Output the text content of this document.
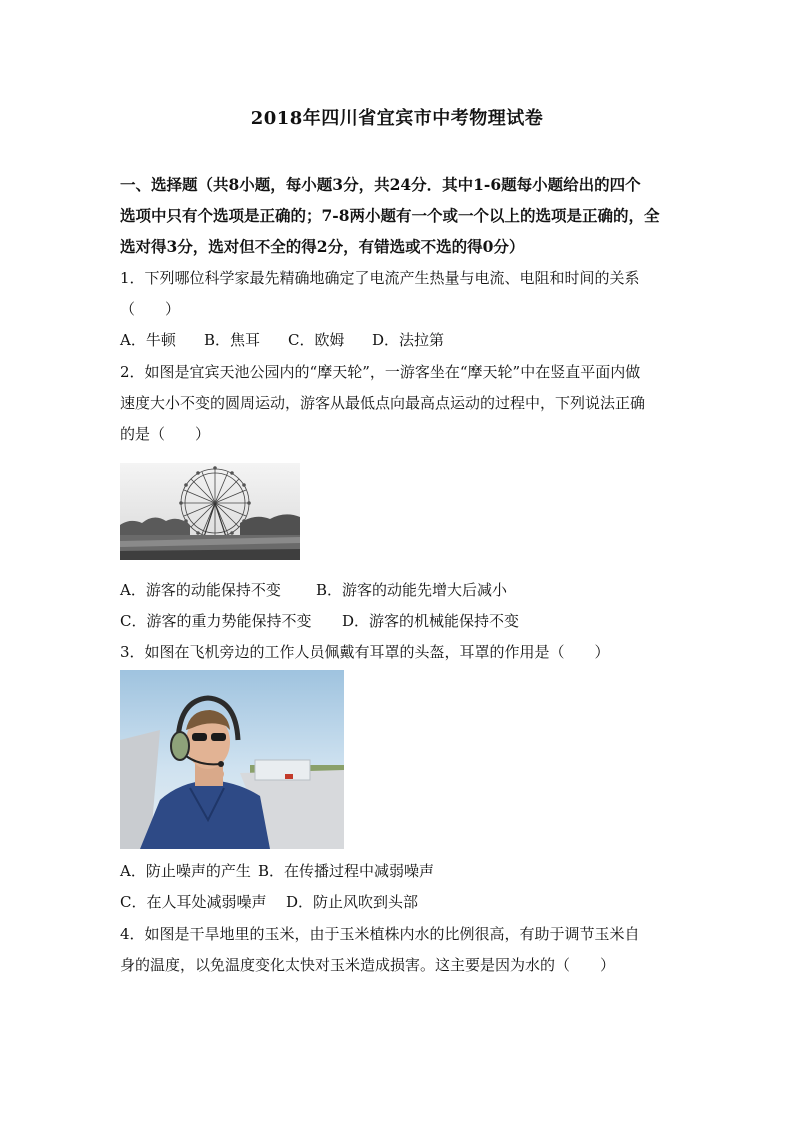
2018年四川省宜宾市中考物理试卷
一、选择题（共8小题，每小题3分，共24分．其中1-6题每小题给出的四个
选项中只有个选项是正确的；7-8两小题有一个或一个以上的选项是正确的，全
选对得3分，选对但不全的得2分，有错选或不选的得0分）
1．下列哪位科学家最先精确地确定了电流产生热量与电流、电阻和时间的关系
（　　）
A．牛顿 B．焦耳 C．欧姆 D．法拉第
2．如图是宜宾天池公园内的“摩天轮”，一游客坐在“摩天轮”中在竖直平面内做
速度大小不变的圆周运动，游客从最低点向最高点运动的过程中，下列说法正确
的是（　　）
A．游客的动能保持不变 B．游客的动能先增大后减小
C．游客的重力势能保持不变 D．游客的机械能保持不变
3．如图在飞机旁边的工作人员佩戴有耳罩的头盔，耳罩的作用是（　　）
A．防止噪声的产生 B．在传播过程中减弱噪声
C．在人耳处减弱噪声 D．防止风吹到头部
4．如图是干旱地里的玉米，由于玉米植株内水的比例很高，有助于调节玉米自
身的温度，以免温度变化太快对玉米造成损害。这主要是因为水的（　　）
